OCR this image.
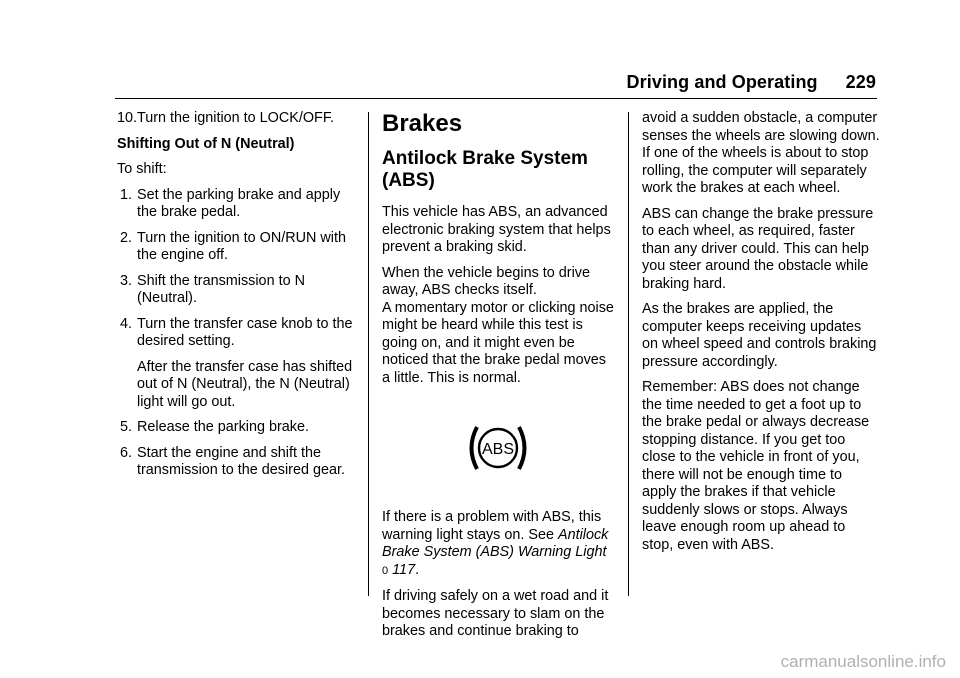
Driving and Operating 229
10. Turn the ignition to LOCK/OFF.

Shifting Out of N (Neutral)

To shift:

1. Set the parking brake and apply the brake pedal.
2. Turn the ignition to ON/RUN with the engine off.
3. Shift the transmission to N (Neutral).
4. Turn the transfer case knob to the desired setting.
After the transfer case has shifted out of N (Neutral), the N (Neutral) light will go out.
5. Release the parking brake.
6. Start the engine and shift the transmission to the desired gear.
Brakes
Antilock Brake System (ABS)

This vehicle has ABS, an advanced electronic braking system that helps prevent a braking skid.

When the vehicle begins to drive away, ABS checks itself.
A momentary motor or clicking noise might be heard while this test is going on, and it might even be noticed that the brake pedal moves a little. This is normal.

ABS

If there is a problem with ABS, this warning light stays on. See Antilock Brake System (ABS) Warning Light
0 117.

If driving safely on a wet road and it becomes necessary to slam on the brakes and continue braking to

avoid a sudden obstacle, a computer senses the wheels are slowing down. If one of the wheels is about to stop rolling, the computer will separately work the brakes at each wheel.

ABS can change the brake pressure to each wheel, as required, faster than any driver could. This can help you steer around the obstacle while braking hard.

As the brakes are applied, the computer keeps receiving updates on wheel speed and controls braking pressure accordingly.

Remember: ABS does not change the time needed to get a foot up to the brake pedal or always decrease stopping distance. If you get too close to the vehicle in front of you, there will not be enough time to apply the brakes if that vehicle suddenly slows or stops. Always leave enough room up ahead to stop, even with ABS.

carmanualsonline.info
